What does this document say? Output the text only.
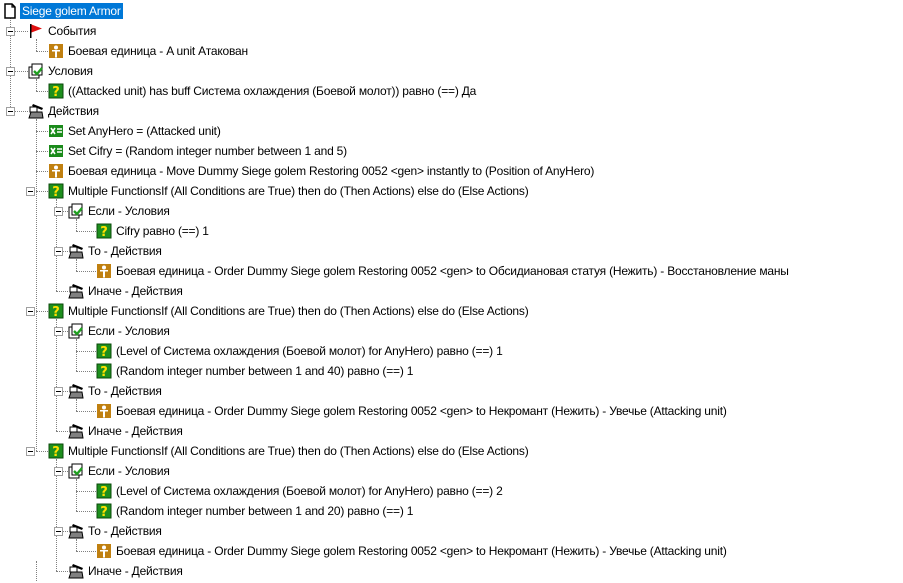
Siege golem Armor
События
Боевая единица - A unit Атакован
Условия
? ((Attacked unit) has buff Система охлаждения (Боевой молот)) равно (==) Да
Действия
Set AnyHero = (Attacked unit)
Set Cifry = (Random integer number between 1 and 5)
Боевая единица - Move Dummy Siege golem Restoring 0052 <gen> instantly to (Position of AnyHero)
? Multiple FunctionsIf (All Conditions are True) then do (Then Actions) else do (Else Actions)
Если - Условия
? Cifry равно (==) 1
То - Действия
Боевая единица - Order Dummy Siege golem Restoring 0052 <gen> to Обсидиановая статуя (Нежить) - Восстановление маны
Иначе - Действия
? Multiple FunctionsIf (All Conditions are True) then do (Then Actions) else do (Else Actions)
Если - Условия
? (Level of Система охлаждения (Боевой молот) for AnyHero) равно (==) 1
? (Random integer number between 1 and 40) равно (==) 1
То - Действия
Боевая единица - Order Dummy Siege golem Restoring 0052 <gen> to Некромант (Нежить) - Увечье (Attacking unit)
Иначе - Действия
? Multiple FunctionsIf (All Conditions are True) then do (Then Actions) else do (Else Actions)
Если - Условия
? (Level of Система охлаждения (Боевой молот) for AnyHero) равно (==) 2
? (Random integer number between 1 and 20) равно (==) 1
То - Действия
Боевая единица - Order Dummy Siege golem Restoring 0052 <gen> to Некромант (Нежить) - Увечье (Attacking unit)
Иначе - Действия
